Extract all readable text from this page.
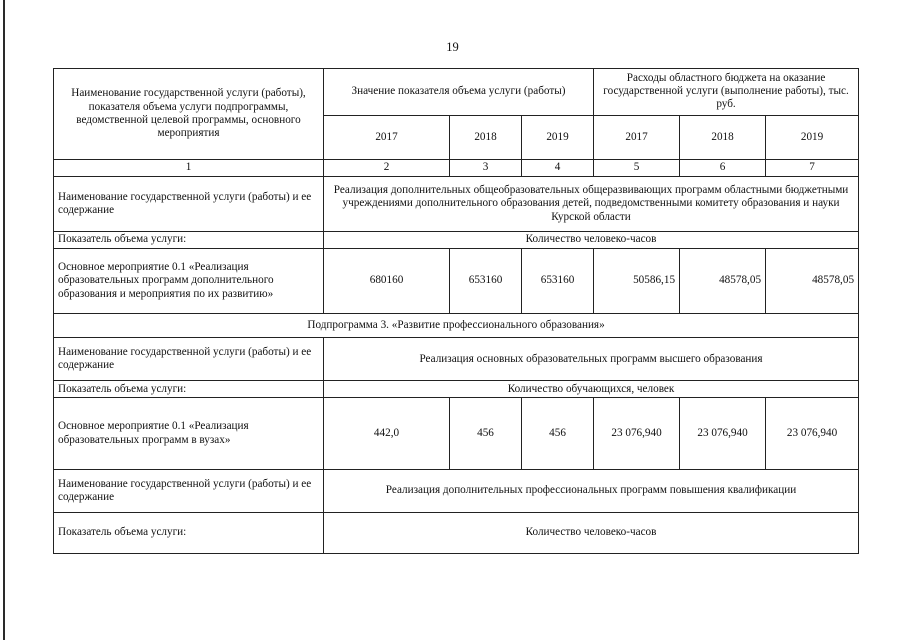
19
Наименование государственной услуги (работы), показателя объема услуги подпрограммы, ведомственной целевой программы, основного мероприятия	Значение показателя объема услуги (работы)			Расходы областного бюджета на оказание государственной услуги (выполнение работы), тыс. руб.		
	2017	2018	2019	2017	2018	2019
1	2	3	4	5	6	7
Наименование государственной услуги (работы) и ее содержание	Реализация дополнительных общеобразовательных общеразвивающих программ областными бюджетными учреждениями дополнительного образования детей, подведомственными комитету образования и науки Курской области					
Показатель объема услуги:	Количество человеко-часов					
Основное мероприятие 0.1 «Реализация образовательных программ дополнительного образования и мероприятия по их развитию»	680160	653160	653160	50586,15	48578,05	48578,05
Подпрограмма 3. «Развитие профессионального образования»						
Наименование государственной услуги (работы) и ее содержание	Реализация основных образовательных программ высшего образования					
Показатель объема услуги:	Количество обучающихся, человек					
Основное мероприятие 0.1 «Реализация образовательных программ в вузах»	442,0	456	456	23 076,940	23 076,940	23 076,940
Наименование государственной услуги (работы) и ее содержание	Реализация дополнительных профессиональных программ повышения квалификации					
Показатель объема услуги:	Количество человеко-часов					
